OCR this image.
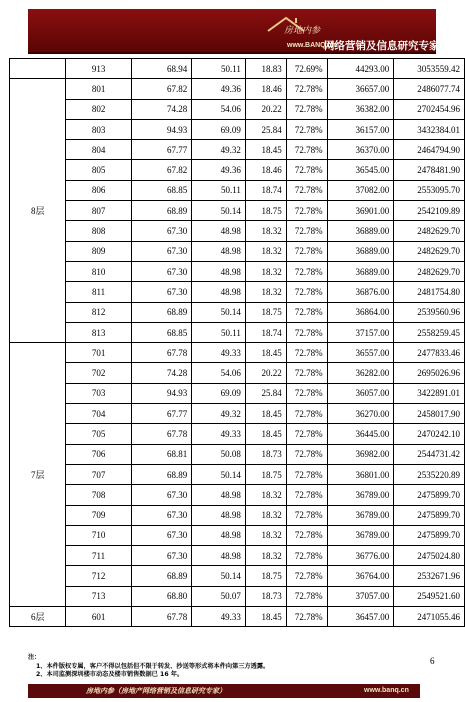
房地内参
www.BANQ.cn
网络营销及信息研究专家
	913	68.94	50.11	18.83	72.69%	44293.00	3053559.42
8层	801	67.82	49.36	18.46	72.78%	36657.00	2486077.74
	802	74.28	54.06	20.22	72.78%	36382.00	2702454.96
	803	94.93	69.09	25.84	72.78%	36157.00	3432384.01
	804	67.77	49.32	18.45	72.78%	36370.00	2464794.90
	805	67.82	49.36	18.46	72.78%	36545.00	2478481.90
	806	68.85	50.11	18.74	72.78%	37082.00	2553095.70
	807	68.89	50.14	18.75	72.78%	36901.00	2542109.89
	808	67.30	48.98	18.32	72.78%	36889.00	2482629.70
	809	67.30	48.98	18.32	72.78%	36889.00	2482629.70
	810	67.30	48.98	18.32	72.78%	36889.00	2482629.70
	811	67.30	48.98	18.32	72.78%	36876.00	2481754.80
	812	68.89	50.14	18.75	72.78%	36864.00	2539560.96
	813	68.85	50.11	18.74	72.78%	37157.00	2558259.45
7层	701	67.78	49.33	18.45	72.78%	36557.00	2477833.46
	702	74.28	54.06	20.22	72.78%	36282.00	2695026.96
	703	94.93	69.09	25.84	72.78%	36057.00	3422891.01
	704	67.77	49.32	18.45	72.78%	36270.00	2458017.90
	705	67.78	49.33	18.45	72.78%	36445.00	2470242.10
	706	68.81	50.08	18.73	72.78%	36982.00	2544731.42
	707	68.89	50.14	18.75	72.78%	36801.00	2535220.89
	708	67.30	48.98	18.32	72.78%	36789.00	2475899.70
	709	67.30	48.98	18.32	72.78%	36789.00	2475899.70
	710	67.30	48.98	18.32	72.78%	36789.00	2475899.70
	711	67.30	48.98	18.32	72.78%	36776.00	2475024.80
	712	68.89	50.14	18.75	72.78%	36764.00	2532671.96
	713	68.80	50.07	18.73	72.78%	37057.00	2549521.60
6层	601	67.78	49.33	18.45	72.78%	36457.00	2471055.46
6
注：
1、本件版权专属，客户不得以包括但不限于转发、抄送等形式将本件向第三方透露。
2、本司监测深圳楼市动态及楼市销售数据已 16 年。
房地内参（房地产网络营销及信息研究专家）	www.banq.cn
